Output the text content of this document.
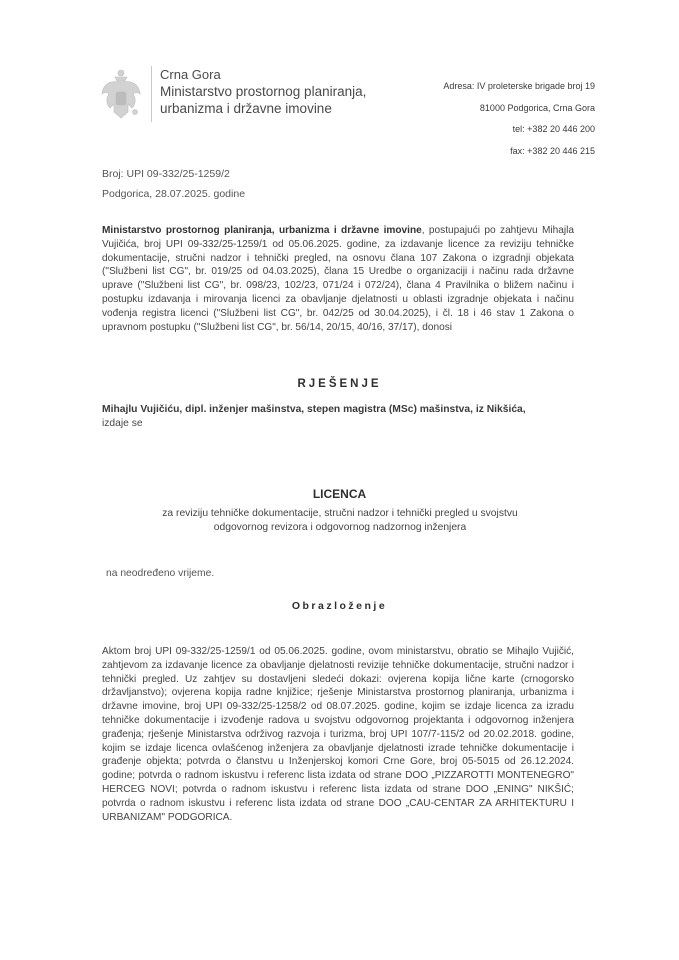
Crna Gora
Ministarstvo prostornog planiranja,
urbanizma i državne imovine
Adresa: IV proleterske brigade broj 19
81000 Podgorica, Crna Gora
tel: +382 20 446 200
fax: +382 20 446 215
Broj: UPI 09-332/25-1259/2
Podgorica, 28.07.2025. godine
Ministarstvo prostornog planiranja, urbanizma i državne imovine, postupajući po zahtjevu Mihajla Vujičića, broj UPI 09-332/25-1259/1 od 05.06.2025. godine, za izdavanje licence za reviziju tehničke dokumentacije, stručni nadzor i tehnički pregled, na osnovu člana 107 Zakona o izgradnji objekata ("Službeni list CG", br. 019/25 od 04.03.2025), člana 15 Uredbe o organizaciji i načinu rada državne uprave ("Službeni list CG", br. 098/23, 102/23, 071/24 i 072/24), člana 4 Pravilnika o bližem načinu i postupku izdavanja i mirovanja licenci za obavljanje djelatnosti u oblasti izgradnje objekata i načinu vođenja registra licenci ("Službeni list CG", br. 042/25 od 30.04.2025), i čl. 18 i 46 stav 1 Zakona o upravnom postupku ("Službeni list CG", br. 56/14, 20/15, 40/16, 37/17), donosi
RJEŠENJE
Mihajlu Vujičiću, dipl. inženjer mašinstva, stepen magistra (MSc) mašinstva, iz Nikšića,
izdaje se
LICENCA
za reviziju tehničke dokumentacije, stručni nadzor i tehnički pregled u svojstvu
odgovornog revizora i odgovornog nadzornog inženjera
na neodređeno vrijeme.
Obrazloženje
Aktom broj UPI 09-332/25-1259/1 od 05.06.2025. godine, ovom ministarstvu, obratio se Mihajlo Vujičić, zahtjevom za izdavanje licence za obavljanje djelatnosti revizije tehničke dokumentacije, stručni nadzor i tehnički pregled. Uz zahtjev su dostavljeni sledeći dokazi: ovjerena kopija lične karte (crnogorsko državljanstvo); ovjerena kopija radne knjižice; rješenje Ministarstva prostornog planiranja, urbanizma i državne imovine, broj UPI 09-332/25-1258/2 od 08.07.2025. godine, kojim se izdaje licenca za izradu tehničke dokumentacije i izvođenje radova u svojstvu odgovornog projektanta i odgovornog inženjera građenja; rješenje Ministarstva održivog razvoja i turizma, broj UPI 107/7-115/2 od 20.02.2018. godine, kojim se izdaje licenca ovlašćenog inženjera za obavljanje djelatnosti izrade tehničke dokumentacije i građenje objekta; potvrda o članstvu u Inženjerskoj komori Crne Gore, broj 05-5015 od 26.12.2024. godine; potvrda o radnom iskustvu i referenc lista izdata od strane DOO „PIZZAROTTI MONTENEGRO" HERCEG NOVI; potvrda o radnom iskustvu i referenc lista izdata od strane DOO „ENING" NIKŠIĆ; potvrda o radnom iskustvu i referenc lista izdata od strane DOO „CAU-CENTAR ZA ARHITEKTURU I URBANIZAM" PODGORICA.
